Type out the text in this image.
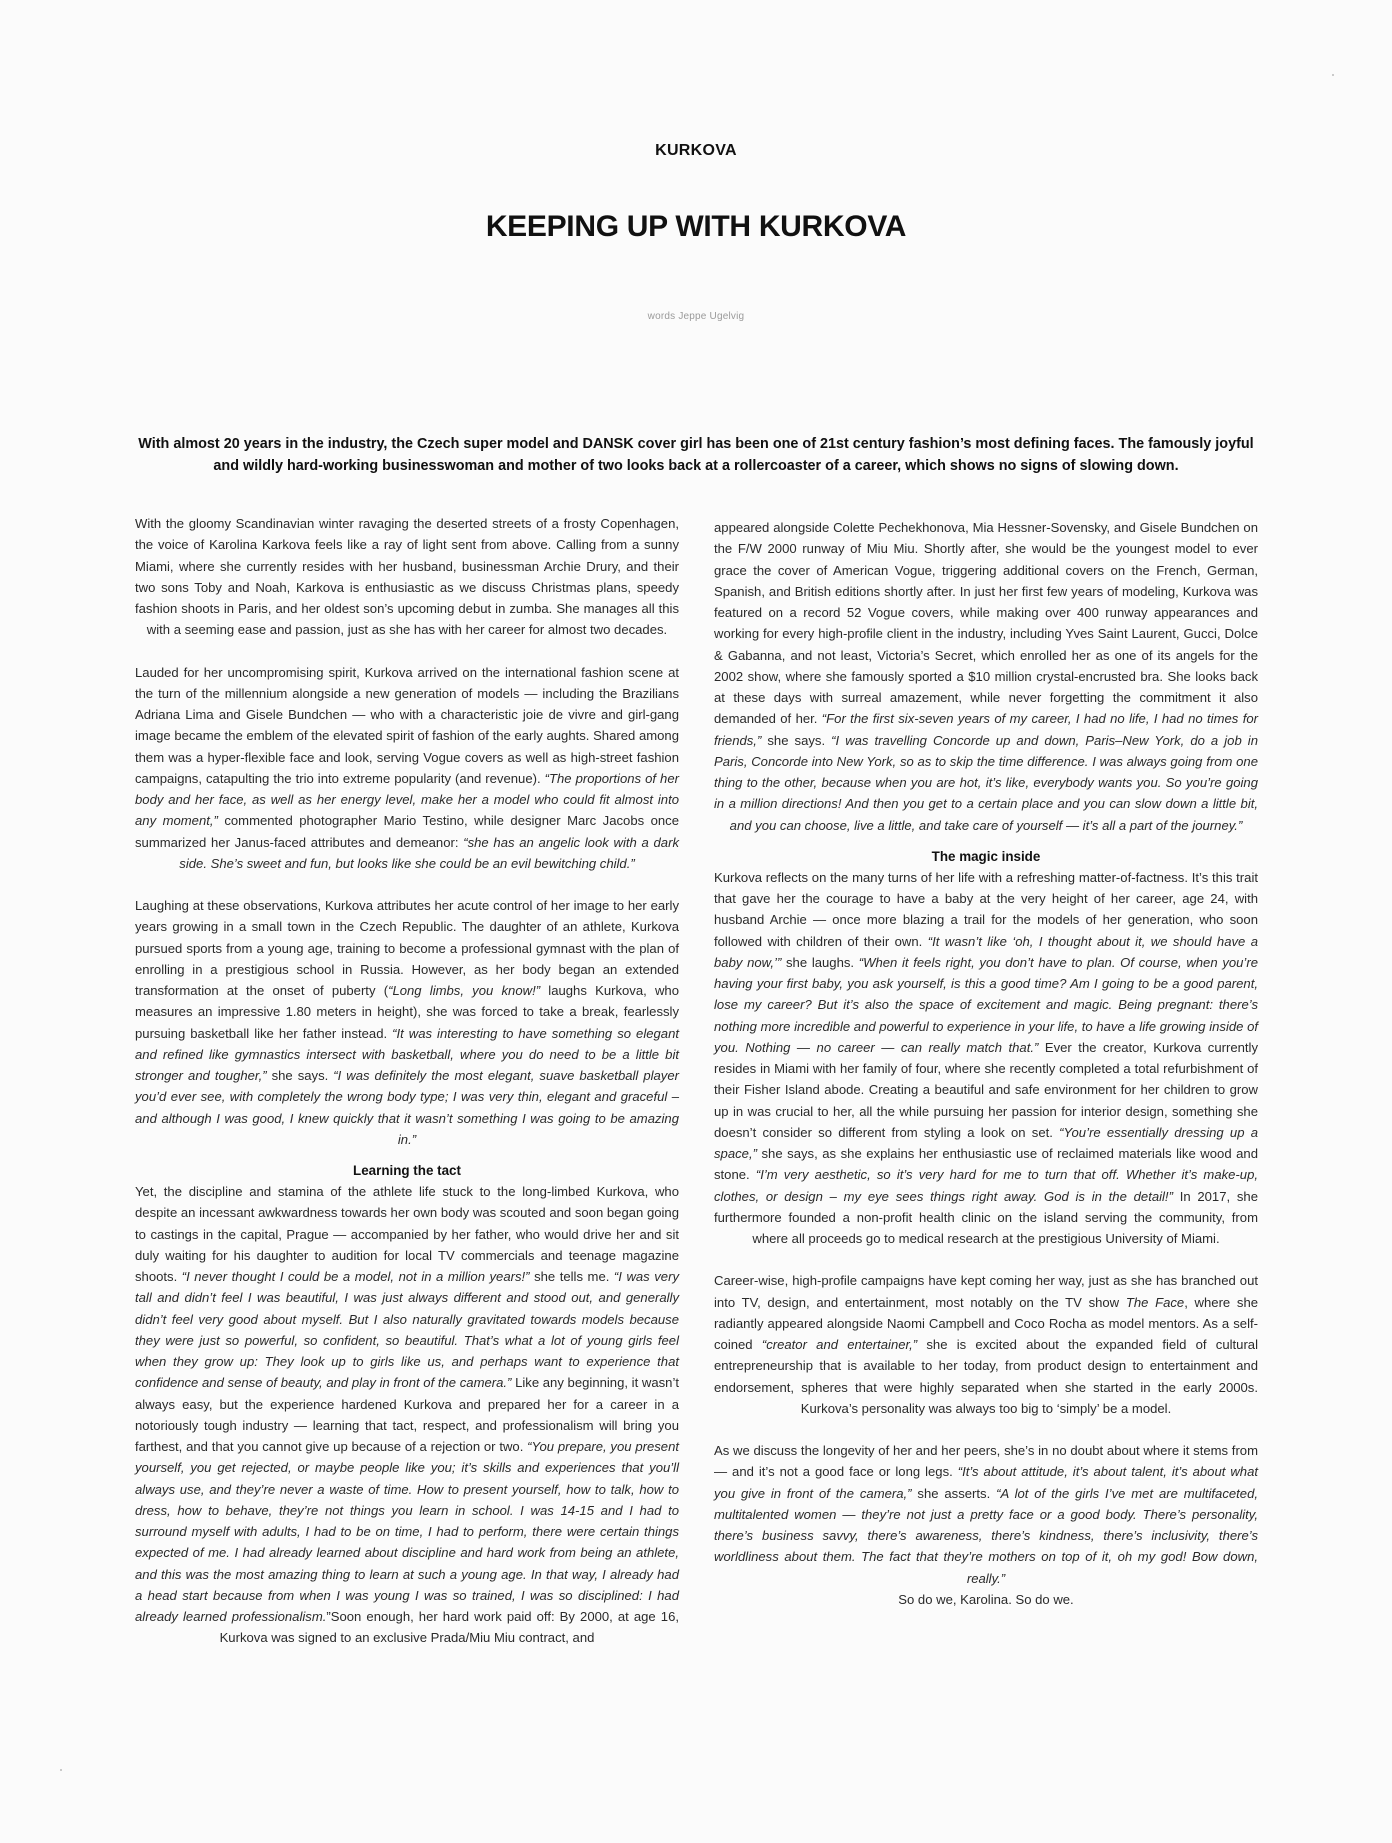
KURKOVA
KEEPING UP WITH KURKOVA
words Jeppe Ugelvig

With almost 20 years in the industry, the Czech super model and DANSK cover girl has been one of 21st century fashion’s most defining faces. The famously joyful and wildly hard-working businesswoman and mother of two looks back at a rollercoaster of a career, which shows no signs of slowing down.

With the gloomy Scandinavian winter ravaging the deserted streets of a frosty Copenhagen, the voice of Karolina Karkova feels like a ray of light sent from above. Calling from a sunny Miami, where she currently resides with her husband, businessman Archie Drury, and their two sons Toby and Noah, Karkova is enthusiastic as we discuss Christmas plans, speedy fashion shoots in Paris, and her oldest son’s upcoming debut in zumba. She manages all this with a seeming ease and passion, just as she has with her career for almost two decades.

Lauded for her uncompromising spirit, Kurkova arrived on the international fashion scene at the turn of the millennium alongside a new generation of models — including the Brazilians Adriana Lima and Gisele Bundchen — who with a characteristic joie de vivre and girl-gang image became the emblem of the elevated spirit of fashion of the early aughts. Shared among them was a hyper-flexible face and look, serving Vogue covers as well as high-street fashion campaigns, catapulting the trio into extreme popularity (and revenue). “The proportions of her body and her face, as well as her energy level, make her a model who could fit almost into any moment,” commented photographer Mario Testino, while designer Marc Jacobs once summarized her Janus-faced attributes and demeanor: “she has an angelic look with a dark side. She’s sweet and fun, but looks like she could be an evil bewitching child.”

Laughing at these observations, Kurkova attributes her acute control of her image to her early years growing in a small town in the Czech Republic. The daughter of an athlete, Kurkova pursued sports from a young age, training to become a professional gymnast with the plan of enrolling in a prestigious school in Russia. However, as her body began an extended transformation at the onset of puberty (“Long limbs, you know!” laughs Kurkova, who measures an impressive 1.80 meters in height), she was forced to take a break, fearlessly pursuing basketball like her father instead. “It was interesting to have something so elegant and refined like gymnastics intersect with basketball, where you do need to be a little bit stronger and tougher,” she says. “I was definitely the most elegant, suave basketball player you’d ever see, with completely the wrong body type; I was very thin, elegant and graceful – and although I was good, I knew quickly that it wasn’t something I was going to be amazing in.”

Learning the tact

Yet, the discipline and stamina of the athlete life stuck to the long-limbed Kurkova, who despite an incessant awkwardness towards her own body was scouted and soon began going to castings in the capital, Prague — accompanied by her father, who would drive her and sit duly waiting for his daughter to audition for local TV commercials and teenage magazine shoots. “I never thought I could be a model, not in a million years!” she tells me. “I was very tall and didn’t feel I was beautiful, I was just always different and stood out, and generally didn’t feel very good about myself. But I also naturally gravitated towards models because they were just so powerful, so confident, so beautiful. That’s what a lot of young girls feel when they grow up: They look up to girls like us, and perhaps want to experience that confidence and sense of beauty, and play in front of the camera.” Like any beginning, it wasn’t always easy, but the experience hardened Kurkova and prepared her for a career in a notoriously tough industry — learning that tact, respect, and professionalism will bring you farthest, and that you cannot give up because of a rejection or two. “You prepare, you present yourself, you get rejected, or maybe people like you; it’s skills and experiences that you’ll always use, and they’re never a waste of time. How to present yourself, how to talk, how to dress, how to behave, they’re not things you learn in school. I was 14-15 and I had to surround myself with adults, I had to be on time, I had to perform, there were certain things expected of me. I had already learned about discipline and hard work from being an athlete, and this was the most amazing thing to learn at such a young age. In that way, I already had a head start because from when I was young I was so trained, I was so disciplined: I had already learned professionalism.”Soon enough, her hard work paid off: By 2000, at age 16, Kurkova was signed to an exclusive Prada/Miu Miu contract, and

appeared alongside Colette Pechekhonova, Mia Hessner-Sovensky, and Gisele Bundchen on the F/W 2000 runway of Miu Miu. Shortly after, she would be the youngest model to ever grace the cover of American Vogue, triggering additional covers on the French, German, Spanish, and British editions shortly after. In just her first few years of modeling, Kurkova was featured on a record 52 Vogue covers, while making over 400 runway appearances and working for every high-profile client in the industry, including Yves Saint Laurent, Gucci, Dolce & Gabanna, and not least, Victoria’s Secret, which enrolled her as one of its angels for the 2002 show, where she famously sported a $10 million crystal-encrusted bra. She looks back at these days with surreal amazement, while never forgetting the commitment it also demanded of her. “For the first six-seven years of my career, I had no life, I had no times for friends,” she says. “I was travelling Concorde up and down, Paris–New York, do a job in Paris, Concorde into New York, so as to skip the time difference. I was always going from one thing to the other, because when you are hot, it’s like, everybody wants you. So you’re going in a million directions! And then you get to a certain place and you can slow down a little bit, and you can choose, live a little, and take care of yourself — it’s all a part of the journey.”

The magic inside

Kurkova reflects on the many turns of her life with a refreshing matter-of-factness. It’s this trait that gave her the courage to have a baby at the very height of her career, age 24, with husband Archie — once more blazing a trail for the models of her generation, who soon followed with children of their own. “It wasn’t like ‘oh, I thought about it, we should have a baby now,’” she laughs. “When it feels right, you don’t have to plan. Of course, when you’re having your first baby, you ask yourself, is this a good time? Am I going to be a good parent, lose my career? But it’s also the space of excitement and magic. Being pregnant: there’s nothing more incredible and powerful to experience in your life, to have a life growing inside of you. Nothing — no career — can really match that.” Ever the creator, Kurkova currently resides in Miami with her family of four, where she recently completed a total refurbishment of their Fisher Island abode. Creating a beautiful and safe environment for her children to grow up in was crucial to her, all the while pursuing her passion for interior design, something she doesn’t consider so different from styling a look on set. “You’re essentially dressing up a space,” she says, as she explains her enthusiastic use of reclaimed materials like wood and stone. “I’m very aesthetic, so it’s very hard for me to turn that off. Whether it’s make-up, clothes, or design – my eye sees things right away. God is in the detail!” In 2017, she furthermore founded a non-profit health clinic on the island serving the community, from where all proceeds go to medical research at the prestigious University of Miami.

Career-wise, high-profile campaigns have kept coming her way, just as she has branched out into TV, design, and entertainment, most notably on the TV show The Face, where she radiantly appeared alongside Naomi Campbell and Coco Rocha as model mentors. As a self-coined “creator and entertainer,” she is excited about the expanded field of cultural entrepreneurship that is available to her today, from product design to entertainment and endorsement, spheres that were highly separated when she started in the early 2000s. Kurkova’s personality was always too big to ‘simply’ be a model.

As we discuss the longevity of her and her peers, she’s in no doubt about where it stems from — and it’s not a good face or long legs. “It’s about attitude, it’s about talent, it’s about what you give in front of the camera,” she asserts. “A lot of the girls I’ve met are multifaceted, multitalented women — they’re not just a pretty face or a good body. There’s personality, there’s business savvy, there’s awareness, there’s kindness, there’s inclusivity, there’s worldliness about them. The fact that they’re mothers on top of it, oh my god! Bow down, really.”

So do we, Karolina. So do we.
